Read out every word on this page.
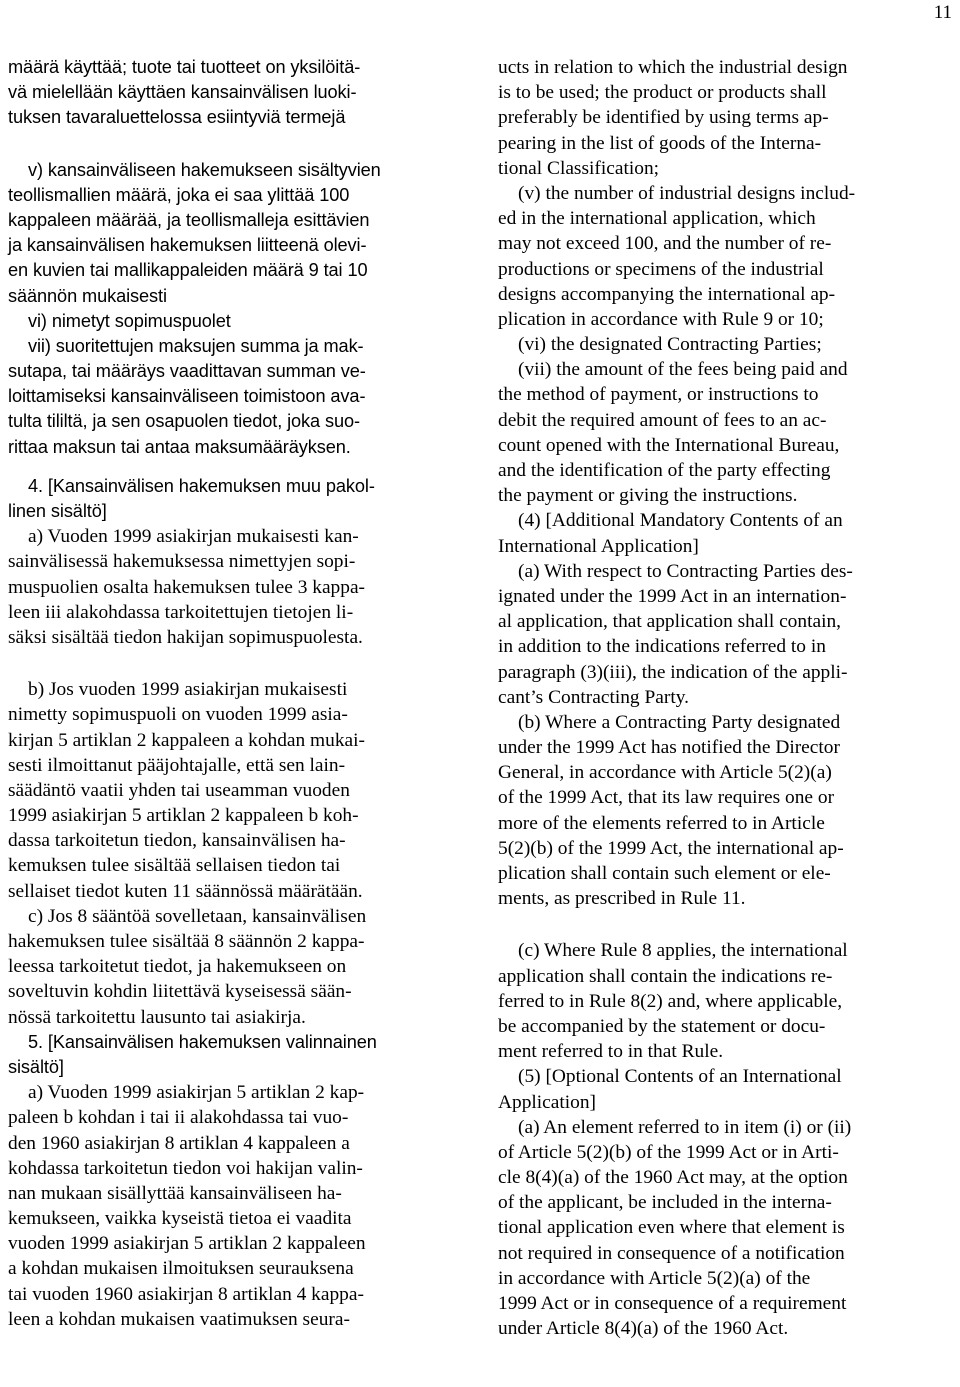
11
määrä käyttää; tuote tai tuotteet on yksilöitä-
vä mielellään käyttäen kansainvälisen luoki-
tuksen tavaraluettelossa esiintyviä termejä
v) kansainväliseen hakemukseen sisältyvien
teollismallien määrä, joka ei saa ylittää 100
kappaleen määrää, ja teollismalleja esittävien
ja kansainvälisen hakemuksen liitteenä olevi-
en kuvien tai mallikappaleiden määrä 9 tai 10
säännön mukaisesti
vi) nimetyt sopimuspuolet
vii) suoritettujen maksujen summa ja mak-
sutapa, tai määräys vaadittavan summan ve-
loittamiseksi kansainväliseen toimistoon ava-
tulta tililtä, ja sen osapuolen tiedot, joka suo-
rittaa maksun tai antaa maksumääräyksen.
4. [Kansainvälisen hakemuksen muu pakol-
linen sisältö]
a) Vuoden 1999 asiakirjan mukaisesti kan-
sainvälisessä hakemuksessa nimettyjen sopi-
muspuolien osalta hakemuksen tulee 3 kappa-
leen iii alakohdassa tarkoitettujen tietojen li-
säksi sisältää tiedon hakijan sopimuspuolesta.
b) Jos vuoden 1999 asiakirjan mukaisesti
nimetty sopimuspuoli on vuoden 1999 asia-
kirjan 5 artiklan 2 kappaleen a kohdan mukai-
sesti ilmoittanut pääjohtajalle, että sen lain-
säädäntö vaatii yhden tai useamman vuoden
1999 asiakirjan 5 artiklan 2 kappaleen b koh-
dassa tarkoitetun tiedon, kansainvälisen ha-
kemuksen tulee sisältää sellaisen tiedon tai
sellaiset tiedot kuten 11 säännössä määrätään.
c) Jos 8 sääntöä sovelletaan, kansainvälisen
hakemuksen tulee sisältää 8 säännön 2 kappa-
leessa tarkoitetut tiedot, ja hakemukseen on
soveltuvin kohdin liitettävä kyseisessä sään-
nössä tarkoitettu lausunto tai asiakirja.
5. [Kansainvälisen hakemuksen valinnainen
sisältö]
a) Vuoden 1999 asiakirjan 5 artiklan 2 kap-
paleen b kohdan i tai ii alakohdassa tai vuo-
den 1960 asiakirjan 8 artiklan 4 kappaleen a
kohdassa tarkoitetun tiedon voi hakijan valin-
nan mukaan sisällyttää kansainväliseen ha-
kemukseen, vaikka kyseistä tietoa ei vaadita
vuoden 1999 asiakirjan 5 artiklan 2 kappaleen
a kohdan mukaisen ilmoituksen seurauksena
tai vuoden 1960 asiakirjan 8 artiklan 4 kappa-
leen a kohdan mukaisen vaatimuksen seura-
ucts in relation to which the industrial design
is to be used; the product or products shall
preferably be identified by using terms ap-
pearing in the list of goods of the Interna-
tional Classification;
(v) the number of industrial designs includ-
ed in the international application, which
may not exceed 100, and the number of re-
productions or specimens of the industrial
designs accompanying the international ap-
plication in accordance with Rule 9 or 10;
(vi) the designated Contracting Parties;
(vii) the amount of the fees being paid and
the method of payment, or instructions to
debit the required amount of fees to an ac-
count opened with the International Bureau,
and the identification of the party effecting
the payment or giving the instructions.
(4) [Additional Mandatory Contents of an
International Application]
(a) With respect to Contracting Parties des-
ignated under the 1999 Act in an internation-
al application, that application shall contain,
in addition to the indications referred to in
paragraph (3)(iii), the indication of the appli-
cant’s Contracting Party.
(b) Where a Contracting Party designated
under the 1999 Act has notified the Director
General, in accordance with Article 5(2)(a)
of the 1999 Act, that its law requires one or
more of the elements referred to in Article
5(2)(b) of the 1999 Act, the international ap-
plication shall contain such element or ele-
ments, as prescribed in Rule 11.
(c) Where Rule 8 applies, the international
application shall contain the indications re-
ferred to in Rule 8(2) and, where applicable,
be accompanied by the statement or docu-
ment referred to in that Rule.
(5) [Optional Contents of an International
Application]
(a) An element referred to in item (i) or (ii)
of Article 5(2)(b) of the 1999 Act or in Arti-
cle 8(4)(a) of the 1960 Act may, at the option
of the applicant, be included in the interna-
tional application even where that element is
not required in consequence of a notification
in accordance with Article 5(2)(a) of the
1999 Act or in consequence of a requirement
under Article 8(4)(a) of the 1960 Act.
